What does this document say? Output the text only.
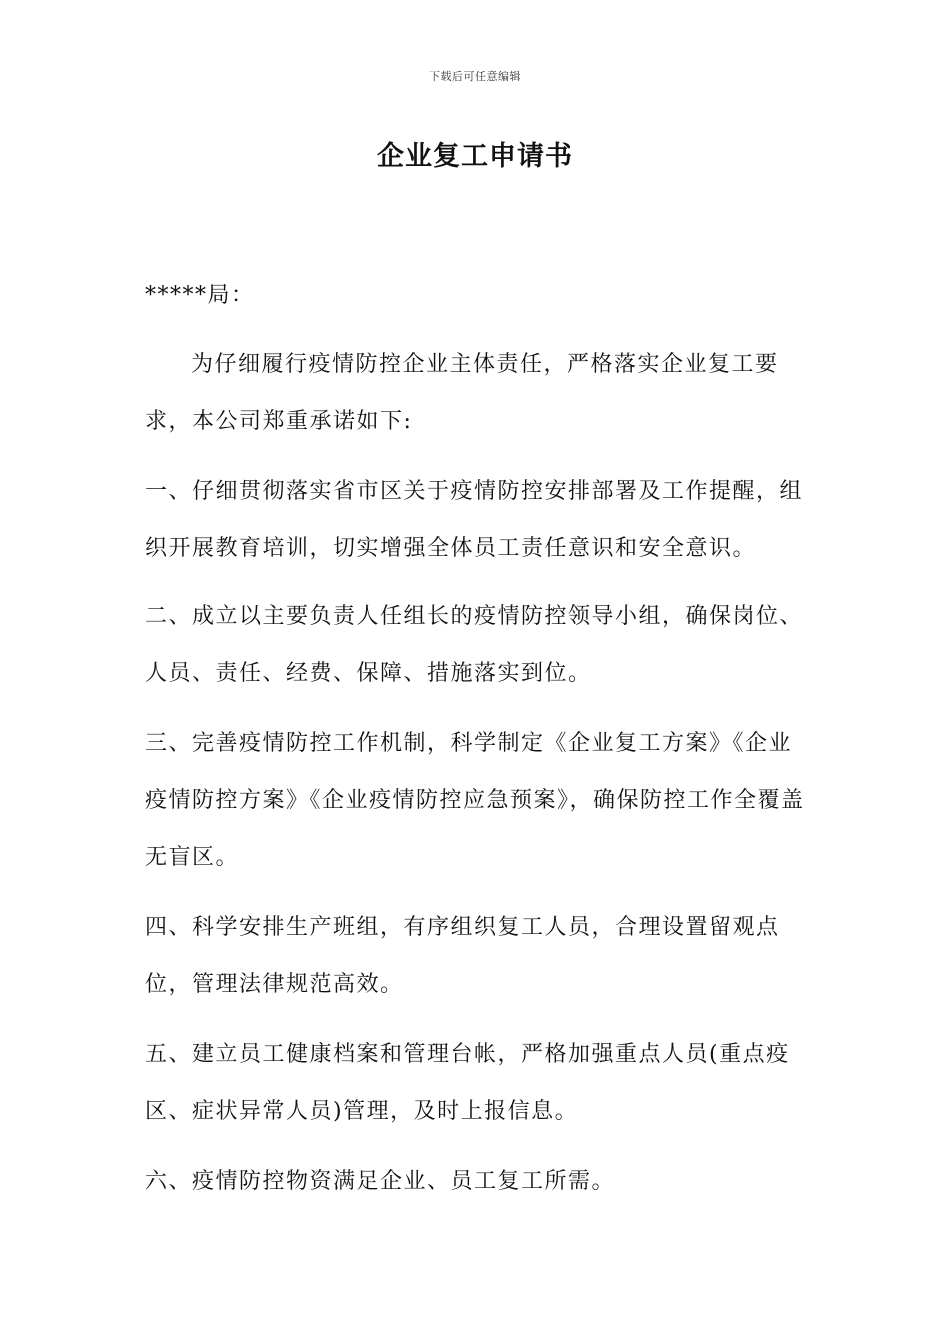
下载后可任意编辑
企业复工申请书
*****局：

为仔细履行疫情防控企业主体责任，严格落实企业复工要求，本公司郑重承诺如下:

一、仔细贯彻落实省市区关于疫情防控安排部署及工作提醒，组织开展教育培训，切实增强全体员工责任意识和安全意识。

二、成立以主要负责人任组长的疫情防控领导小组，确保岗位、人员、责任、经费、保障、措施落实到位。

三、完善疫情防控工作机制，科学制定《企业复工方案》《企业疫情防控方案》《企业疫情防控应急预案》，确保防控工作全覆盖无盲区。

四、科学安排生产班组，有序组织复工人员，合理设置留观点位，管理法律规范高效。

五、建立员工健康档案和管理台帐，严格加强重点人员(重点疫区、症状异常人员)管理，及时上报信息。

六、疫情防控物资满足企业、员工复工所需。
